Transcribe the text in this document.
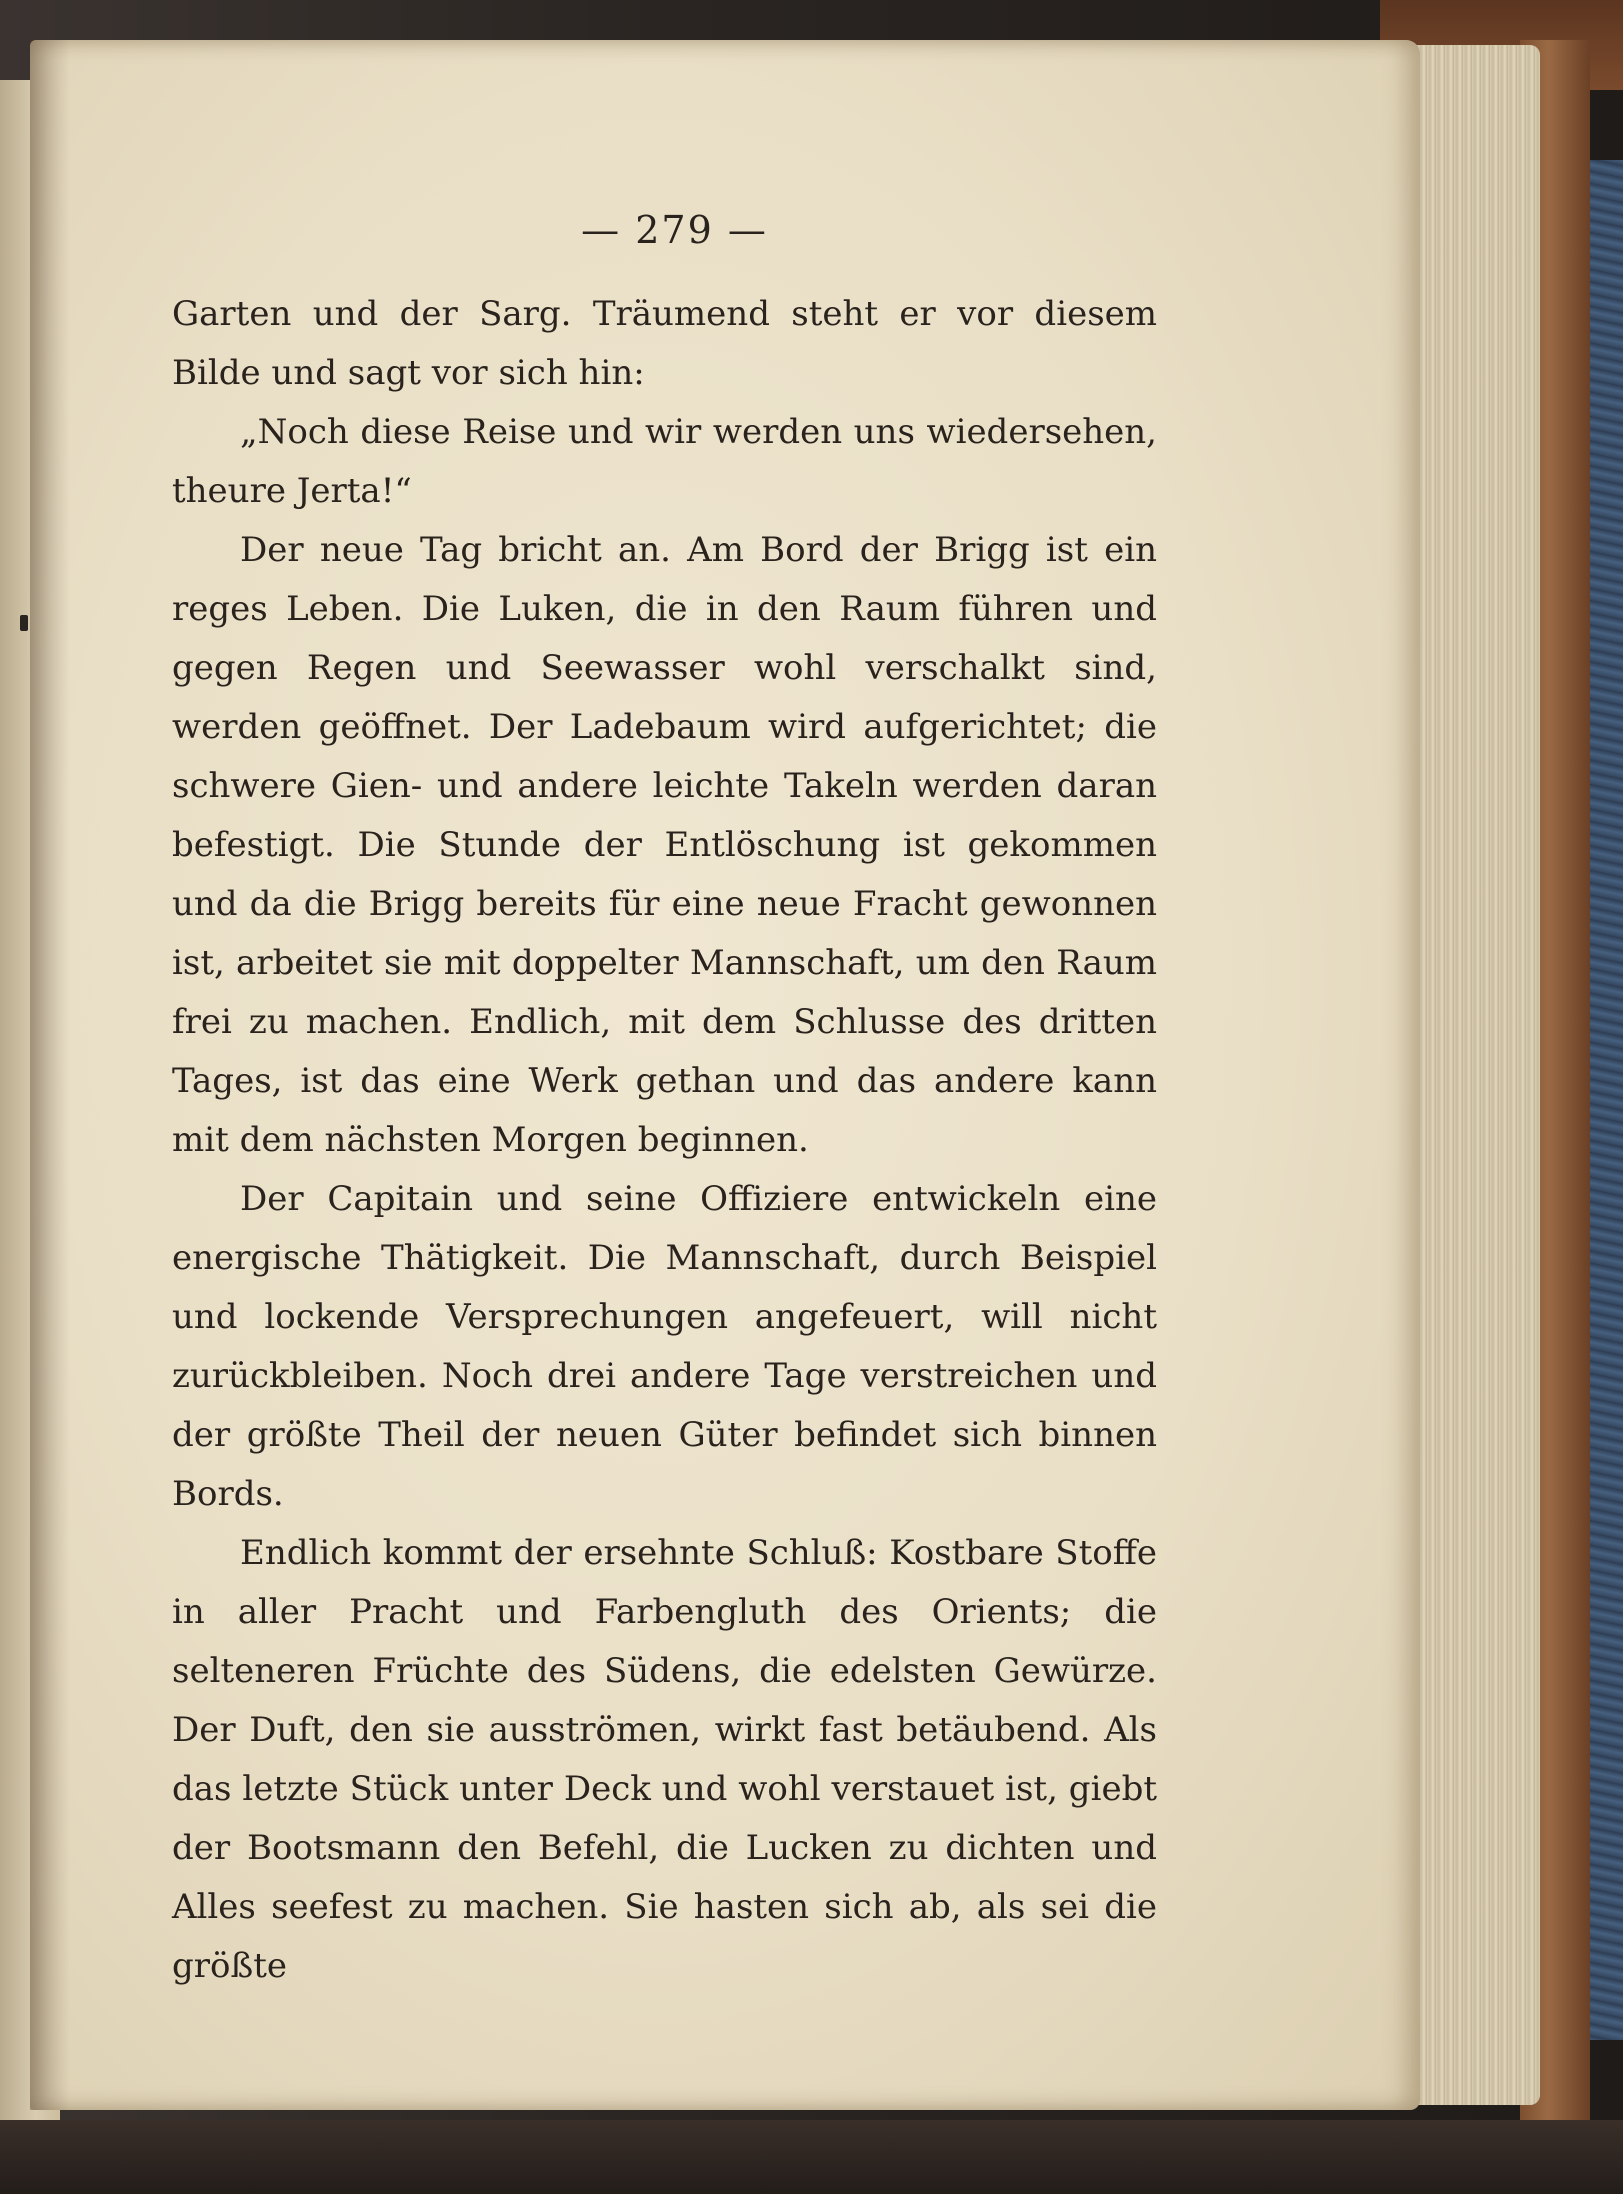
— 279 —

Garten und der Sarg. Träumend steht er vor diesem Bilde und sagt vor sich hin:

„Noch diese Reise und wir werden uns wiedersehen, theure Jerta!“

Der neue Tag bricht an. Am Bord der Brigg ist ein reges Leben. Die Luken, die in den Raum führen und gegen Regen und Seewasser wohl verschalkt sind, werden geöffnet. Der Ladebaum wird aufgerichtet; die schwere Gien- und andere leichte Takeln werden daran befestigt. Die Stunde der Entlöschung ist gekommen und da die Brigg bereits für eine neue Fracht gewonnen ist, arbeitet sie mit doppelter Mannschaft, um den Raum frei zu machen. Endlich, mit dem Schlusse des dritten Tages, ist das eine Werk gethan und das andere kann mit dem nächsten Morgen beginnen.

Der Capitain und seine Offiziere entwickeln eine energische Thätigkeit. Die Mannschaft, durch Beispiel und lockende Versprechungen angefeuert, will nicht zurückbleiben. Noch drei andere Tage verstreichen und der größte Theil der neuen Güter befindet sich binnen Bords.

Endlich kommt der ersehnte Schluß: Kostbare Stoffe in aller Pracht und Farbengluth des Orients; die selteneren Früchte des Südens, die edelsten Gewürze. Der Duft, den sie ausströmen, wirkt fast betäubend. Als das letzte Stück unter Deck und wohl verstauet ist, giebt der Bootsmann den Befehl, die Lucken zu dichten und Alles seefest zu machen. Sie hasten sich ab, als sei die größte
